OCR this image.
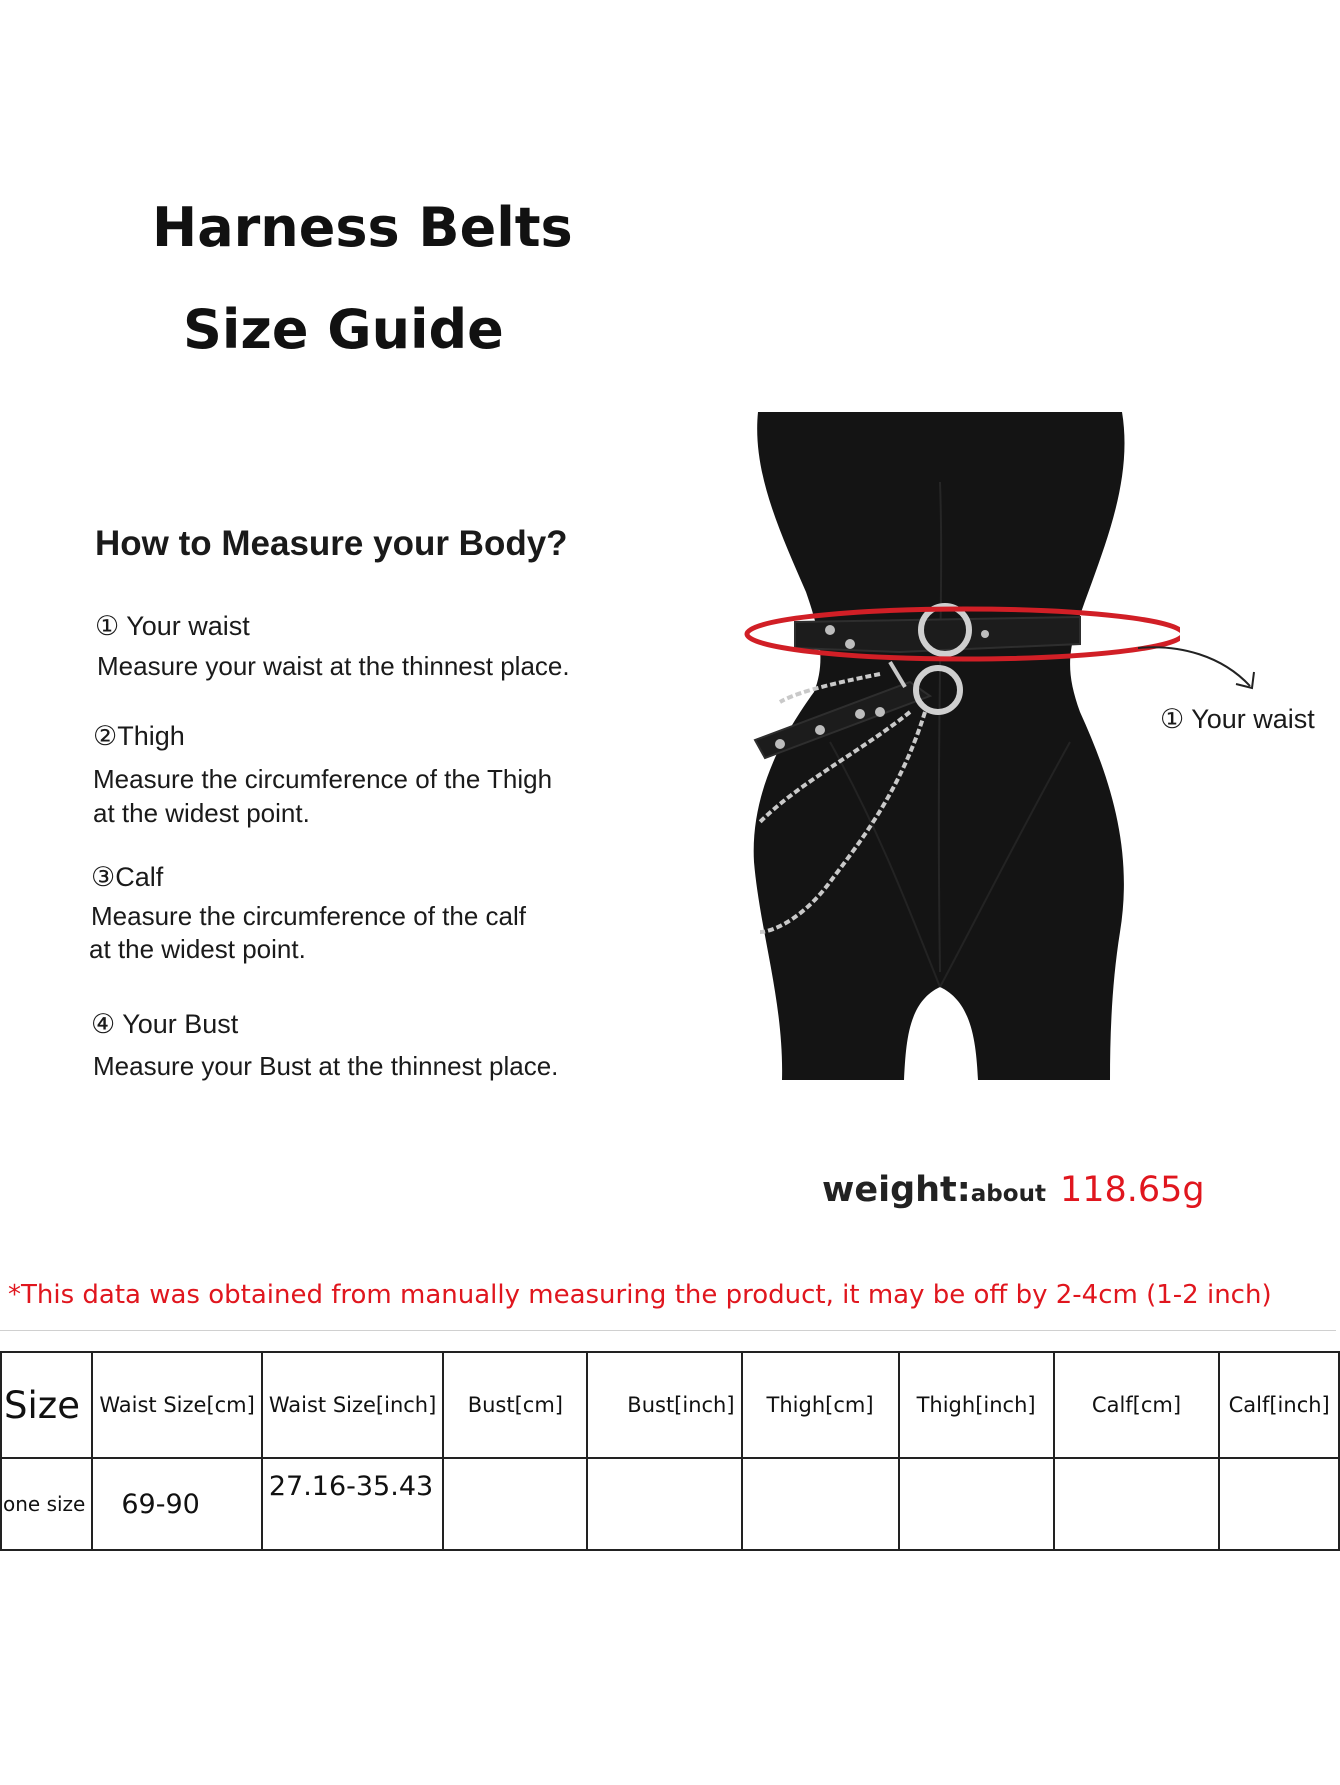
Harness Belts
Size Guide
How to Measure your Body?
① Your waist
Measure your waist at the thinnest place.
②Thigh
Measure the circumference of the Thigh
at the widest point.
③Calf
Measure the circumference of the calf
at the widest point.
④ Your Bust
Measure your Bust at the thinnest place.
① Your waist
weight:about 118.65g
*This data was obtained from manually measuring the product, it may be off by 2-4cm (1-2 inch)
Size	Waist Size[cm]	Waist Size[inch]	Bust[cm]	Bust[inch]	Thigh[cm]	Thigh[inch]	Calf[cm]	Calf[inch]
one size	69-90	27.16-35.43						
